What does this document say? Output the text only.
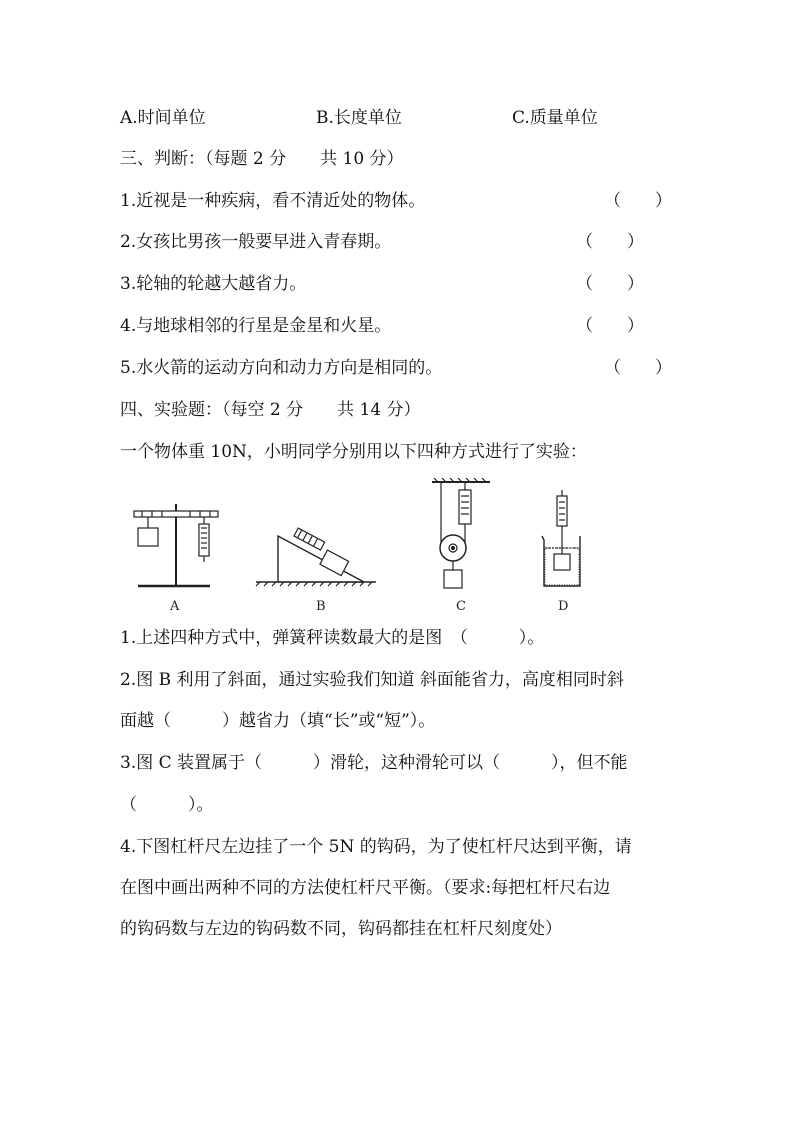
A.时间单位	B.长度单位	C.质量单位
三、判断：（每题 2 分　　共 10 分）
1.近视是一种疾病，看不清近处的物体。	（　　）
2.女孩比男孩一般要早进入青春期。	（　　）
3.轮轴的轮越大越省力。	（　　）
4.与地球相邻的行星是金星和火星。	（　　）
5.水火箭的运动方向和动力方向是相同的。	（　　）
四、实验题：（每空 2 分　　共 14 分）
一个物体重 10N，小明同学分别用以下四种方式进行了实验：
A	B	C	D
1.上述四种方式中，弹簧秤读数最大的是图　（　　　）。
2.图 B 利用了斜面，通过实验我们知道 斜面能省力，高度相同时斜
面越（　　　）越省力（填“长”或“短”）。
3.图 C 装置属于（　　　）滑轮，这种滑轮可以（　　　），但不能
（　　　）。
4.下图杠杆尺左边挂了一个 5N 的钩码，为了使杠杆尺达到平衡，请
在图中画出两种不同的方法使杠杆尺平衡。（要求:每把杠杆尺右边
的钩码数与左边的钩码数不同，钩码都挂在杠杆尺刻度处）
